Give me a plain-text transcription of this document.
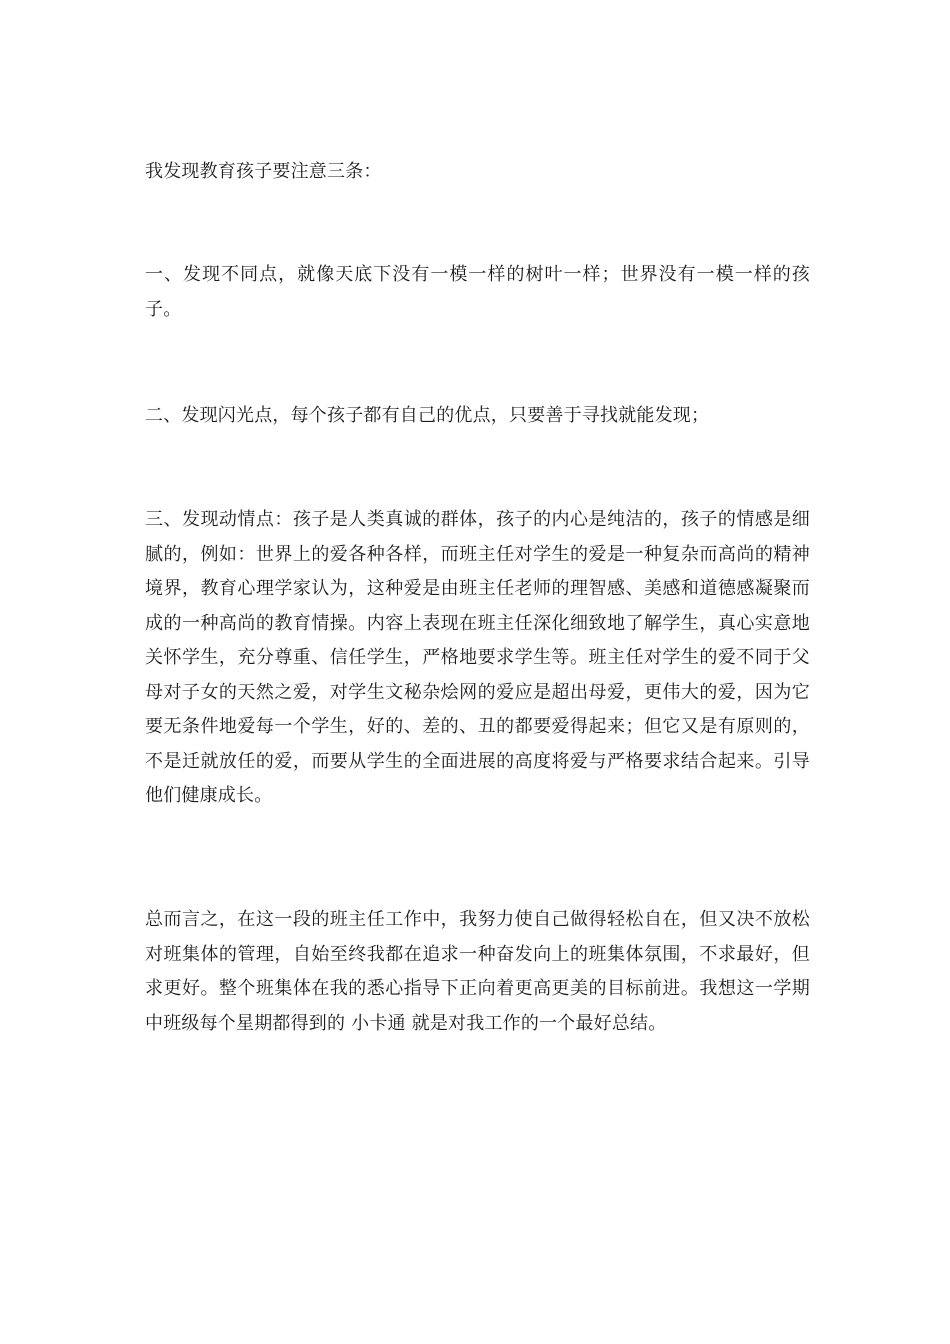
我发现教育孩子要注意三条：

一、发现不同点，就像天底下没有一模一样的树叶一样；世界没有一模一样的孩子。

二、发现闪光点，每个孩子都有自己的优点，只要善于寻找就能发现；

三、发现动情点：孩子是人类真诚的群体，孩子的内心是纯洁的，孩子的情感是细腻的，例如：世界上的爱各种各样，而班主任对学生的爱是一种复杂而高尚的精神境界，教育心理学家认为，这种爱是由班主任老师的理智感、美感和道德感凝聚而成的一种高尚的教育情操。内容上表现在班主任深化细致地了解学生，真心实意地关怀学生，充分尊重、信任学生，严格地要求学生等。班主任对学生的爱不同于父母对子女的天然之爱，对学生文秘杂烩网的爱应是超出母爱，更伟大的爱，因为它要无条件地爱每一个学生，好的、差的、丑的都要爱得起来；但它又是有原则的，不是迁就放任的爱，而要从学生的全面进展的高度将爱与严格要求结合起来。引导他们健康成长。

总而言之，在这一段的班主任工作中，我努力使自己做得轻松自在，但又决不放松对班集体的管理，自始至终我都在追求一种奋发向上的班集体氛围，不求最好，但求更好。整个班集体在我的悉心指导下正向着更高更美的目标前进。我想这一学期中班级每个星期都得到的 小卡通 就是对我工作的一个最好总结。
